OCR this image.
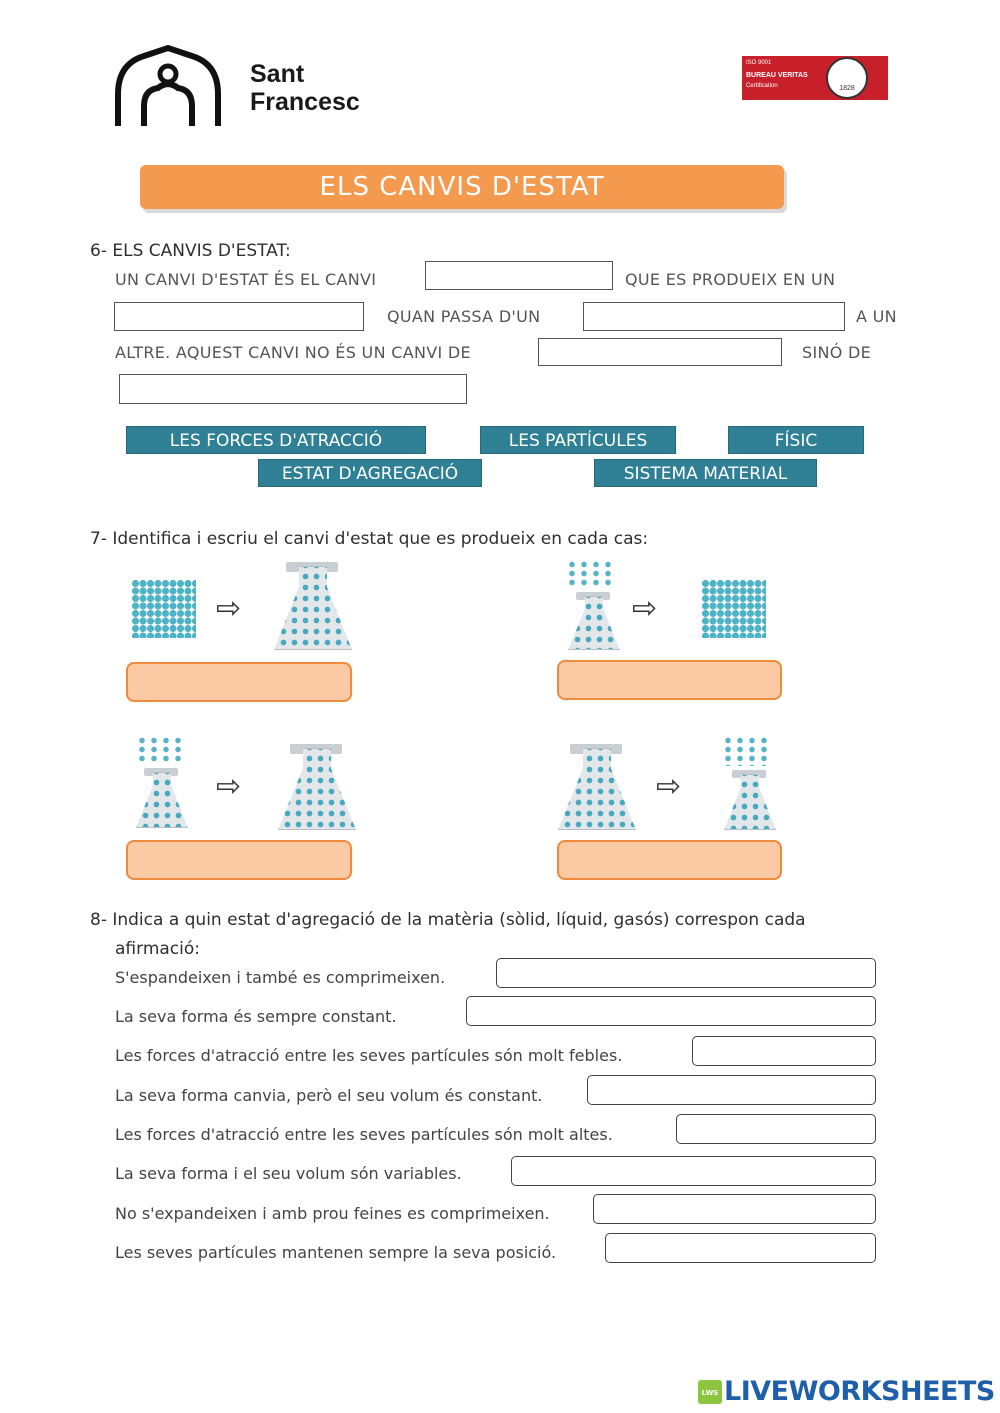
Sant
Francesc
ISO 9001
BUREAU VERITAS
Certification	1828
ELS CANVIS D'ESTAT
6- ELS CANVIS D'ESTAT:
UN CANVI D'ESTAT ÉS EL CANVI	QUE ES PRODUEIX EN UN
QUAN PASSA D'UN	A UN
ALTRE. AQUEST CANVI NO ÉS UN CANVI DE	SINÓ DE
LES FORCES D'ATRACCIÓ	LES PARTÍCULES	FÍSIC
ESTAT D'AGREGACIÓ	SISTEMA MATERIAL
7- Identifica i escriu el canvi d'estat que es produeix en cada cas:
⇨	⇨
⇨	⇨
8- Indica a quin estat d'agregació de la matèria (sòlid, líquid, gasós) correspon cada
afirmació:
S'espandeixen i també es comprimeixen.
La seva forma és sempre constant.
Les forces d'atracció entre les seves partícules són molt febles.
La seva forma canvia, però el seu volum és constant.
Les forces d'atracció entre les seves partícules són molt altes.
La seva forma i el seu volum són variables.
No s'expandeixen i amb prou feines es comprimeixen.
Les seves partícules mantenen sempre la seva posició.
LWS LIVEWORKSHEETS
